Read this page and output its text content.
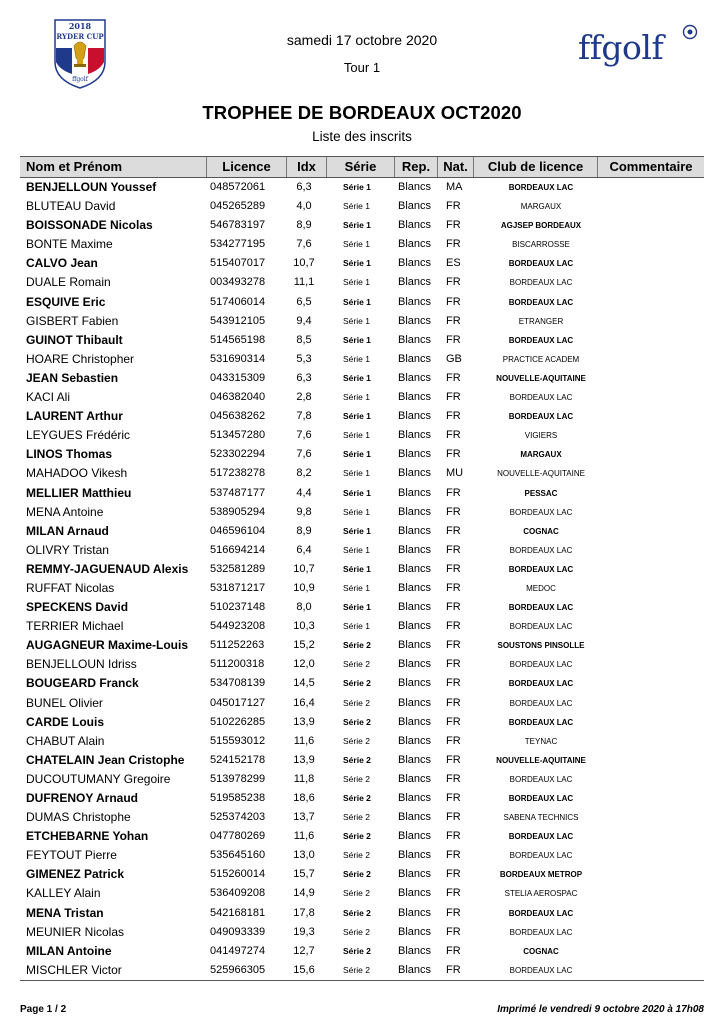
2018
RYDER CUP
ffgolf
ffgolf
samedi 17 octobre 2020
Tour 1
TROPHEE DE BORDEAUX OCT2020
Liste des inscrits
Nom et Prénom	Licence	Idx	Série	Rep.	Nat.	Club de licence	Commentaire
BENJELLOUN Youssef	048572061	6,3	Série 1 Blancs MA	BORDEAUX LAC
BLUTEAU David	045265289	4,0	Série 1	Blancs FR	MARGAUX
BOISSONADE Nicolas	546783197	8,9	Série 1 Blancs FR	AGJSEP BORDEAUX
BONTE Maxime	534277195	7,6	Série 1	Blancs FR	BISCARROSSE
CALVO Jean	515407017	10,7	Série 1 Blancs ES	BORDEAUX LAC
DUALE Romain	003493278	11,1	Série 1	Blancs FR	BORDEAUX LAC
ESQUIVE Eric	517406014	6,5	Série 1 Blancs FR	BORDEAUX LAC
GISBERT Fabien	543912105	9,4	Série 1	Blancs FR	ETRANGER
GUINOT Thibault	514565198	8,5	Série 1 Blancs FR	BORDEAUX LAC
HOARE Christopher	531690314	5,3	Série 1	Blancs GB	PRACTICE ACADEM
JEAN Sebastien	043315309	6,3	Série 1 Blancs FR	NOUVELLE-AQUITAINE
KACI Ali	046382040	2,8	Série 1	Blancs FR	BORDEAUX LAC
LAURENT Arthur	045638262	7,8	Série 1 Blancs FR	BORDEAUX LAC
LEYGUES Frédéric	513457280	7,6	Série 1	Blancs FR	VIGIERS
LINOS Thomas	523302294	7,6	Série 1 Blancs FR	MARGAUX
MAHADOO Vikesh	517238278	8,2	Série 1	Blancs MU	NOUVELLE-AQUITAINE
MELLIER Matthieu	537487177	4,4	Série 1 Blancs FR	PESSAC
MENA Antoine	538905294	9,8	Série 1	Blancs FR	BORDEAUX LAC
MILAN Arnaud	046596104	8,9	Série 1 Blancs FR	COGNAC
OLIVRY Tristan	516694214	6,4	Série 1	Blancs FR	BORDEAUX LAC
REMMY-JAGUENAUD Alexis 532581289	10,7	Série 1 Blancs FR	BORDEAUX LAC
RUFFAT Nicolas	531871217	10,9	Série 1	Blancs FR	MEDOC
SPECKENS David	510237148	8,0	Série 1 Blancs FR	BORDEAUX LAC
TERRIER Michael	544923208	10,3	Série 1	Blancs FR	BORDEAUX LAC
AUGAGNEUR Maxime-Louis 511252263	15,2	Série 2 Blancs FR	SOUSTONS PINSOLLE
BENJELLOUN Idriss	511200318	12,0	Série 2	Blancs FR	BORDEAUX LAC
BOUGEARD Franck	534708139	14,5	Série 2 Blancs FR	BORDEAUX LAC
BUNEL Olivier	045017127	16,4	Série 2	Blancs FR	BORDEAUX LAC
CARDE Louis	510226285	13,9	Série 2 Blancs FR	BORDEAUX LAC
CHABUT Alain	515593012	11,6	Série 2	Blancs FR	TEYNAC
CHATELAIN Jean Cristophe 524152178	13,9	Série 2 Blancs FR	NOUVELLE-AQUITAINE
DUCOUTUMANY Gregoire	513978299	11,8	Série 2	Blancs FR	BORDEAUX LAC
DUFRENOY Arnaud	519585238	18,6	Série 2 Blancs FR	BORDEAUX LAC
DUMAS Christophe	525374203	13,7	Série 2	Blancs FR	SABENA TECHNICS
ETCHEBARNE Yohan	047780269	11,6	Série 2 Blancs FR	BORDEAUX LAC
FEYTOUT Pierre	535645160	13,0	Série 2	Blancs FR	BORDEAUX LAC
GIMENEZ Patrick	515260014	15,7	Série 2 Blancs FR	BORDEAUX METROP
KALLEY Alain	536409208	14,9	Série 2	Blancs FR	STELIA AEROSPAC
MENA Tristan	542168181	17,8	Série 2 Blancs FR	BORDEAUX LAC
MEUNIER Nicolas	049093339	19,3	Série 2	Blancs FR	BORDEAUX LAC
MILAN Antoine	041497274	12,7	Série 2 Blancs FR	COGNAC
MISCHLER Victor	525966305	15,6	Série 2	Blancs FR	BORDEAUX LAC
Page 1 / 2	Imprimé le vendredi 9 octobre 2020 à 17h08
